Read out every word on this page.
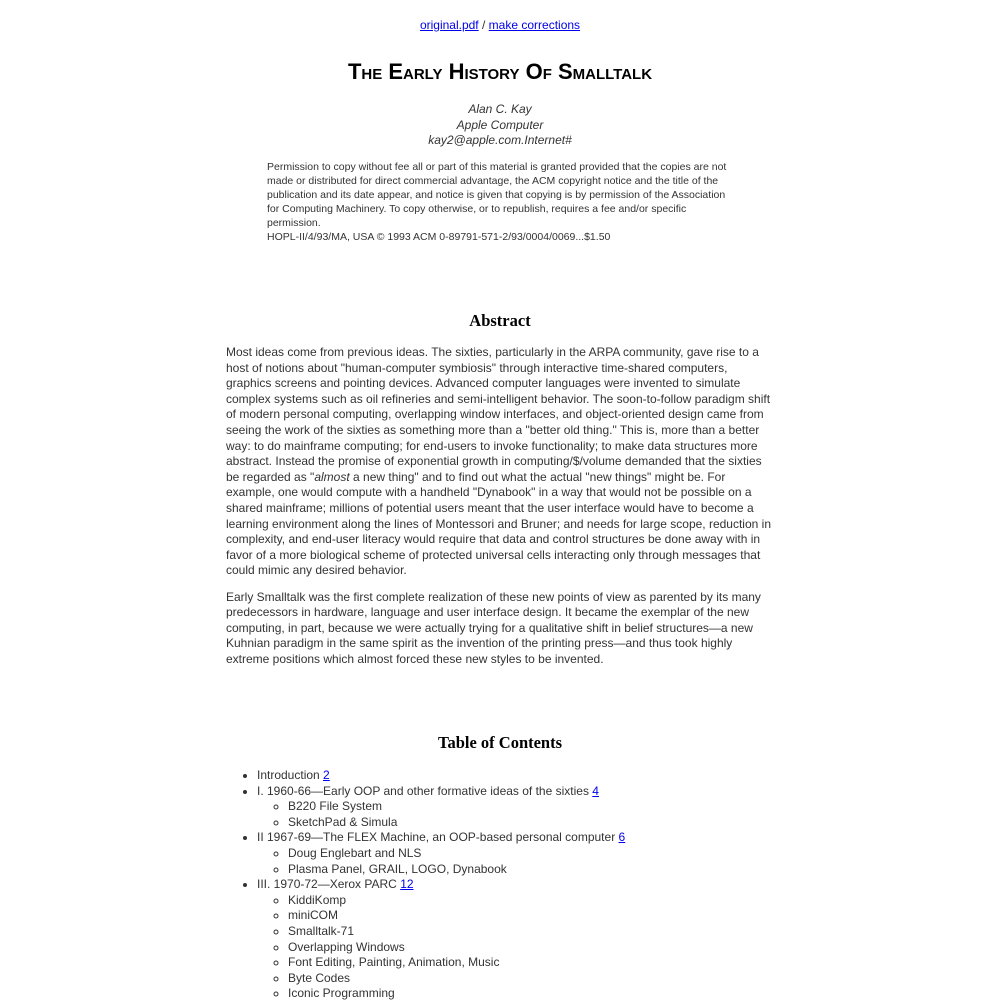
original.pdf / make corrections
The Early History Of Smalltalk
Alan C. Kay
Apple Computer
kay2@apple.com.Internet#

Permission to copy without fee all or part of this material is granted provided that the copies are not made or distributed for direct commercial advantage, the ACM copyright notice and the title of the publication and its date appear, and notice is given that copying is by permission of the Association for Computing Machinery. To copy otherwise, or to republish, requires a fee and/or specific permission.

HOPL-II/4/93/MA, USA © 1993 ACM 0-89791-571-2/93/0004/0069...$1.50

Abstract

Most ideas come from previous ideas. The sixties, particularly in the ARPA community, gave rise to a host of notions about "human-computer symbiosis" through interactive time-shared computers, graphics screens and pointing devices. Advanced computer languages were invented to simulate complex systems such as oil refineries and semi-intelligent behavior. The soon-to-follow paradigm shift of modern personal computing, overlapping window interfaces, and object-oriented design came from seeing the work of the sixties as something more than a "better old thing." This is, more than a better way: to do mainframe computing; for end-users to invoke functionality; to make data structures more abstract. Instead the promise of exponential growth in computing/$/volume demanded that the sixties be regarded as "almost a new thing" and to find out what the actual "new things" might be. For example, one would compute with a handheld "Dynabook" in a way that would not be possible on a shared mainframe; millions of potential users meant that the user interface would have to become a learning environment along the lines of Montessori and Bruner; and needs for large scope, reduction in complexity, and end-user literacy would require that data and control structures be done away with in favor of a more biological scheme of protected universal cells interacting only through messages that could mimic any desired behavior.

Early Smalltalk was the first complete realization of these new points of view as parented by its many predecessors in hardware, language and user interface design. It became the exemplar of the new computing, in part, because we were actually trying for a qualitative shift in belief structures—a new Kuhnian paradigm in the same spirit as the invention of the printing press—and thus took highly extreme positions which almost forced these new styles to be invented.

Table of Contents
• Introduction 2
• I. 1960-66—Early OOP and other formative ideas of the sixties 4
◦ B220 File System
◦ SketchPad & Simula
• II 1967-69—The FLEX Machine, an OOP-based personal computer 6
◦ Doug Englebart and NLS
◦ Plasma Panel, GRAIL, LOGO, Dynabook
• III. 1970-72—Xerox PARC 12
◦ KiddiKomp
◦ miniCOM
◦ Smalltalk-71
◦ Overlapping Windows
◦ Font Editing, Painting, Animation, Music
◦ Byte Codes
◦ Iconic Programming
